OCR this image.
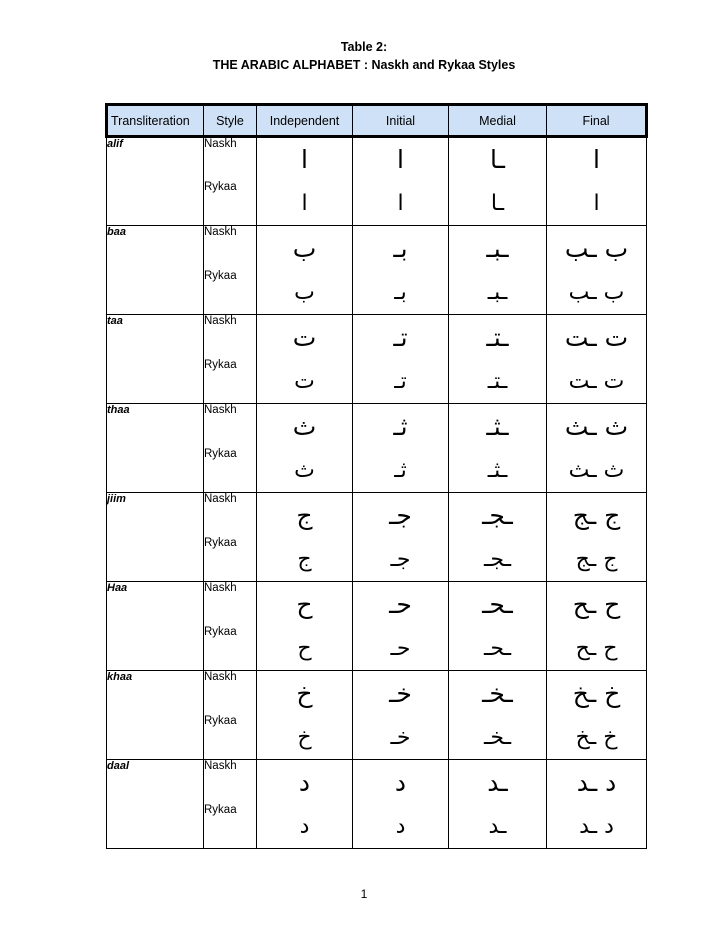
Table 2:
THE ARABIC ALPHABET : Naskh and Rykaa Styles
Transliteration	Style	Independent	Initial	Medial	Final
alif	Naskh	ا	ا	ـا	ا
	Rykaa	ا	ا	ـا	ا
baa	Naskh	ب	بـ	ـبـ	ب ـب
	Rykaa	ب	بـ	ـبـ	ب ـب
taa	Naskh	ت	تـ	ـتـ	ت ـت
	Rykaa	ت	تـ	ـتـ	ت ـت
thaa	Naskh	ث	ثـ	ـثـ	ث ـث
	Rykaa	ث	ثـ	ـثـ	ث ـث
jiim	Naskh	ج	جـ	ـجـ	ج ـج
	Rykaa	ج	جـ	ـجـ	ج ـج
Haa	Naskh	ح	حـ	ـحـ	ح ـح
	Rykaa	ح	حـ	ـحـ	ح ـح
khaa	Naskh	خ	خـ	ـخـ	خ ـخ
	Rykaa	خ	خـ	ـخـ	خ ـخ
daal	Naskh	د	د	ـد	د ـد
	Rykaa	د	د	ـد	د ـد
1
